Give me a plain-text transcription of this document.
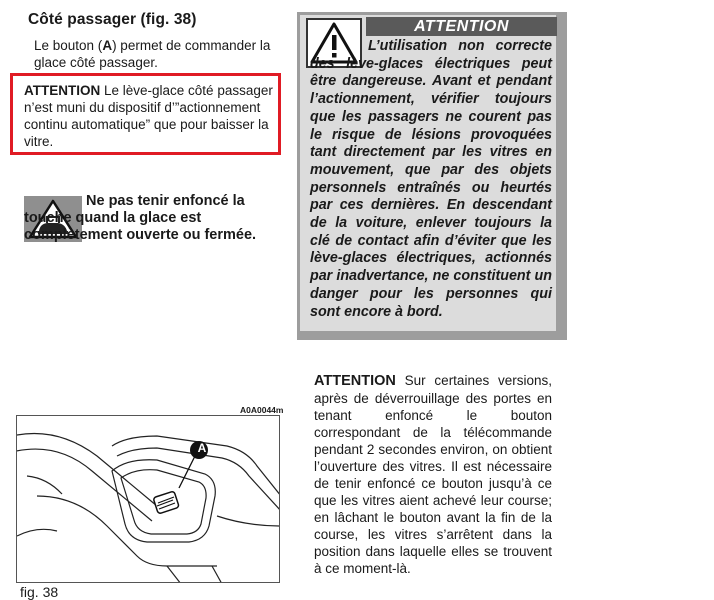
Côté passager (fig. 38)
Le bouton (A) permet de commander la glace côté passager.
ATTENTION Le lève-glace côté passager n’est muni du dispositif d’”actionnement continu automatique” que pour baisser la vitre.
Ne pas tenir enfoncé la touche quand la glace est complètement ouverte ou fermée.
A0A0044m
A
fig. 38
ATTENTION
L’utilisation non correcte des lève-glaces électriques peut être dangereuse. Avant et pendant l’actionnement, vérifier toujours que les passagers ne courent pas le risque de lésions provoquées tant directement par les vitres en mouvement, que par des objets personnels entraînés ou heurtés par ces dernières. En descendant de la voiture, enlever toujours la clé de contact afin d’éviter que les lève-glaces électriques, actionnés par inadvertance, ne constituent un danger pour les personnes qui sont encore à bord.
ATTENTION Sur certaines versions, après de déverrouillage des portes en tenant enfoncé le bouton correspondant de la télécommande pendant 2 secondes environ, on obtient l’ouverture des vitres. Il est nécessaire de tenir enfoncé ce bouton jusqu’à ce que les vitres aient achevé leur course; en lâchant le bouton avant la fin de la course, les vitres s’arrêtent dans la position dans laquelle elles se trouvent à ce moment-là.
